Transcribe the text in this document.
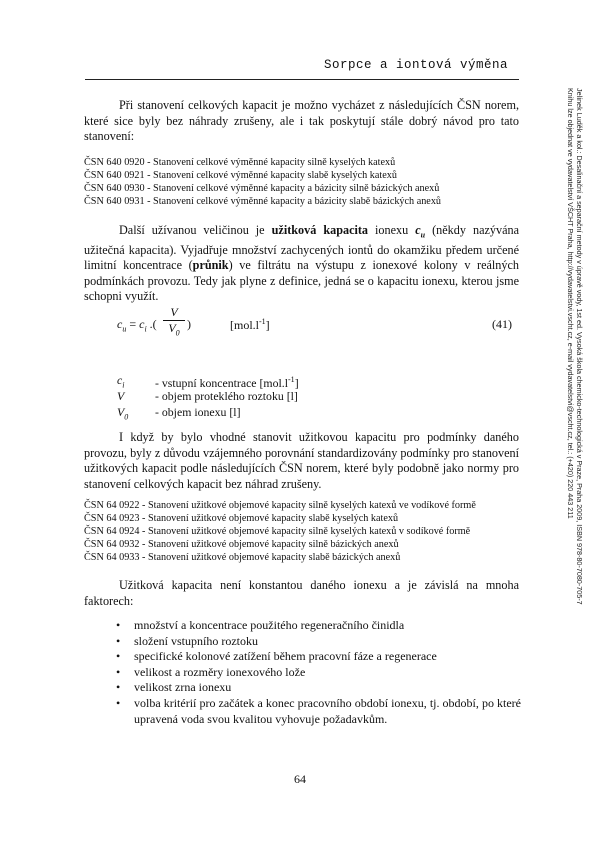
Sorpce a iontová výměna
Jelínek Luděk a kol.: Desalinační a separační metody v úpravě vody, 1st ed. Vysoká škola chemicko-technologická v Praze, Praha 2009, ISBN 978-80-7080-705-7
Knihu lze objednat ve vydavatelství VŠCHT Praha, http://vydavatelstvi.vscht.cz, e-mail vydavatelstvi@vscht.cz, tel.: (+420) 220 443 211

Při stanovení celkových kapacit je možno vycházet z následujících ČSN norem, které sice byly bez náhrady zrušeny, ale i tak poskytují stále dobrý návod pro tato stanovení:

ČSN 640 0920 - Stanovení celkové výměnné kapacity silně kyselých katexů
ČSN 640 0921 - Stanovení celkové výměnné kapacity slabě kyselých katexů
ČSN 640 0930 - Stanovení celkové výměnné kapacity a bázicity silně bázických anexů
ČSN 640 0931 - Stanovení celkové výměnné kapacity a bázicity slabě bázických anexů

Další užívanou veličinou je užitková kapacita ionexu $c_u$ (někdy nazývána užitečná kapacita). Vyjadřuje množství zachycených iontů do okamžiku předem určené limitní koncentrace (průnik) ve filtrátu na výstupu z ionexové kolony v reálných podmínkách provozu. Tedy jak plyne z definice, jedná se o kapacitu ionexu, kterou jsme schopni využít.

$c_u = c_i$ .(
V
$V_0$
)	$[mol.l^{-1}]$	(41)
$c_i$	- vstupní koncentrace $[mol.l^{-1}]$
V	- objem proteklého roztoku [l]
$V_0$ - objem ionexu [l]

I když by bylo vhodné stanovit užitkovou kapacitu pro podmínky daného provozu, byly z důvodu vzájemného porovnání standardizovány podmínky pro stanovení užitkových kapacit podle následujících ČSN norem, které byly podobně jako normy pro stanovení celkových kapacit bez náhrad zrušeny.

ČSN 64 0922 - Stanovení užitkové objemové kapacity silně kyselých katexů ve vodíkové formě
ČSN 64 0923 - Stanovení užitkové objemové kapacity slabě kyselých katexů
ČSN 64 0924 - Stanovení užitkové objemové kapacity silně kyselých katexů v sodíkové formě
ČSN 64 0932 - Stanovení užitkové objemové kapacity silně bázických anexů
ČSN 64 0933 - Stanovení užitkové objemové kapacity slabě bázických anexů

Užitková kapacita není konstantou daného ionexu a je závislá na mnoha faktorech:

• množství a koncentrace použitého regeneračního činidla
• složení vstupního roztoku
• specifické kolonové zatížení během pracovní fáze a regenerace
• velikost a rozměry ionexového lože
• velikost zrna ionexu
• volba kritérií pro začátek a konec pracovního období ionexu, tj. období, po které upravená voda svou kvalitou vyhovuje požadavkům.
64
